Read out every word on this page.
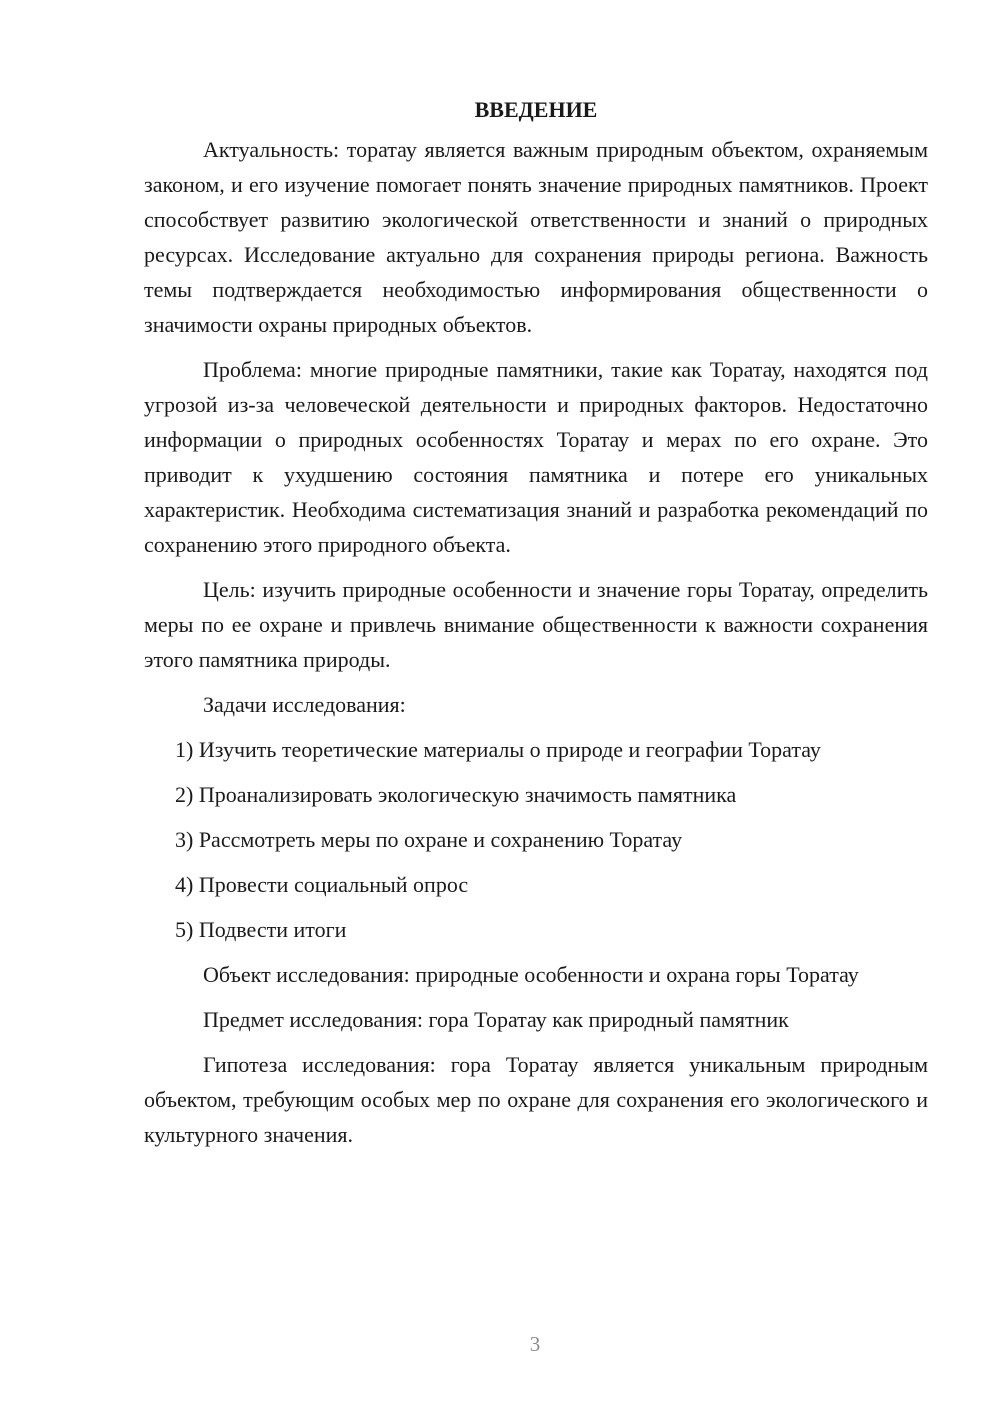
ВВЕДЕНИЕ

Актуальность: торатау является важным природным объектом, охраняемым законом, и его изучение помогает понять значение природных памятников. Проект способствует развитию экологической ответственности и знаний о природных ресурсах. Исследование актуально для сохранения природы региона. Важность темы подтверждается необходимостью информирования общественности о значимости охраны природных объектов.

Проблема: многие природные памятники, такие как Торатау, находятся под угрозой из-за человеческой деятельности и природных факторов. Недостаточно информации о природных особенностях Торатау и мерах по его охране. Это приводит к ухудшению состояния памятника и потере его уникальных характеристик. Необходима систематизация знаний и разработка рекомендаций по сохранению этого природного объекта.

Цель: изучить природные особенности и значение горы Торатау, определить меры по ее охране и привлечь внимание общественности к важности сохранения этого памятника природы.

Задачи исследования:

1) Изучить теоретические материалы о природе и географии Торатау
2) Проанализировать экологическую значимость памятника
3) Рассмотреть меры по охране и сохранению Торатау
4) Провести социальный опрос
5) Подвести итоги

Объект исследования: природные особенности и охрана горы Торатау

Предмет исследования: гора Торатау как природный памятник

Гипотеза исследования: гора Торатау является уникальным природным объектом, требующим особых мер по охране для сохранения его экологического и культурного значения.

3
